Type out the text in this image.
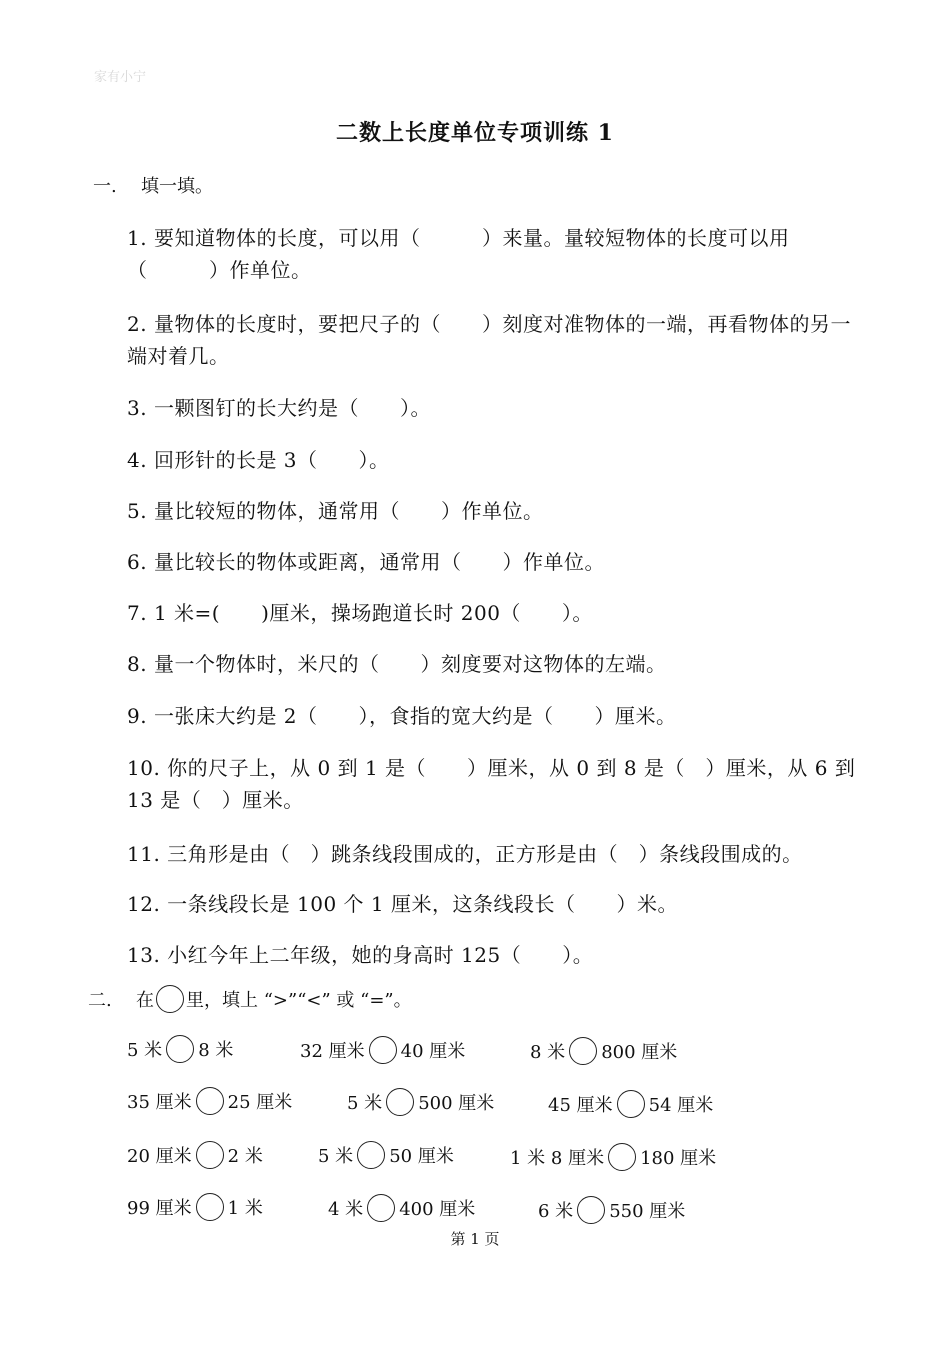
家有小宁
二数上长度单位专项训练 1
一. 填一填。
1. 要知道物体的长度，可以用（　　　）来量。量较短物体的长度可以用（　　　）作单位。
2. 量物体的长度时，要把尺子的（　　）刻度对准物体的一端，再看物体的另一端对着几。
3. 一颗图钉的长大约是（　　）。
4. 回形针的长是 3（　　）。
5. 量比较短的物体，通常用（　　）作单位。
6. 量比较长的物体或距离，通常用（　　）作单位。
7. 1 米=(　　)厘米，操场跑道长时 200（　　）。
8. 量一个物体时，米尺的（　　）刻度要对这物体的左端。
9. 一张床大约是 2（　　），食指的宽大约是（　　）厘米。
10. 你的尺子上，从 0 到 1 是（　　）厘米，从 0 到 8 是（　）厘米，从 6 到 13 是（　）厘米。
11. 三角形是由（　）跳条线段围成的，正方形是由（　）条线段围成的。
12. 一条线段长是 100 个 1 厘米，这条线段长（　　）米。
13. 小红今年上二年级，她的身高时 125（　　）。
二.	在 里，填上 “>”“<” 或 “=”。
5 米 8 米	32 厘米 40 厘米	8 米 800 厘米
35 厘米 25 厘米	5 米 500 厘米	45 厘米 54 厘米
20 厘米 2 米	5 米 50 厘米	1 米 8 厘米 180 厘米
99 厘米 1 米	4 米 400 厘米	6 米 550 厘米
第 1 页
